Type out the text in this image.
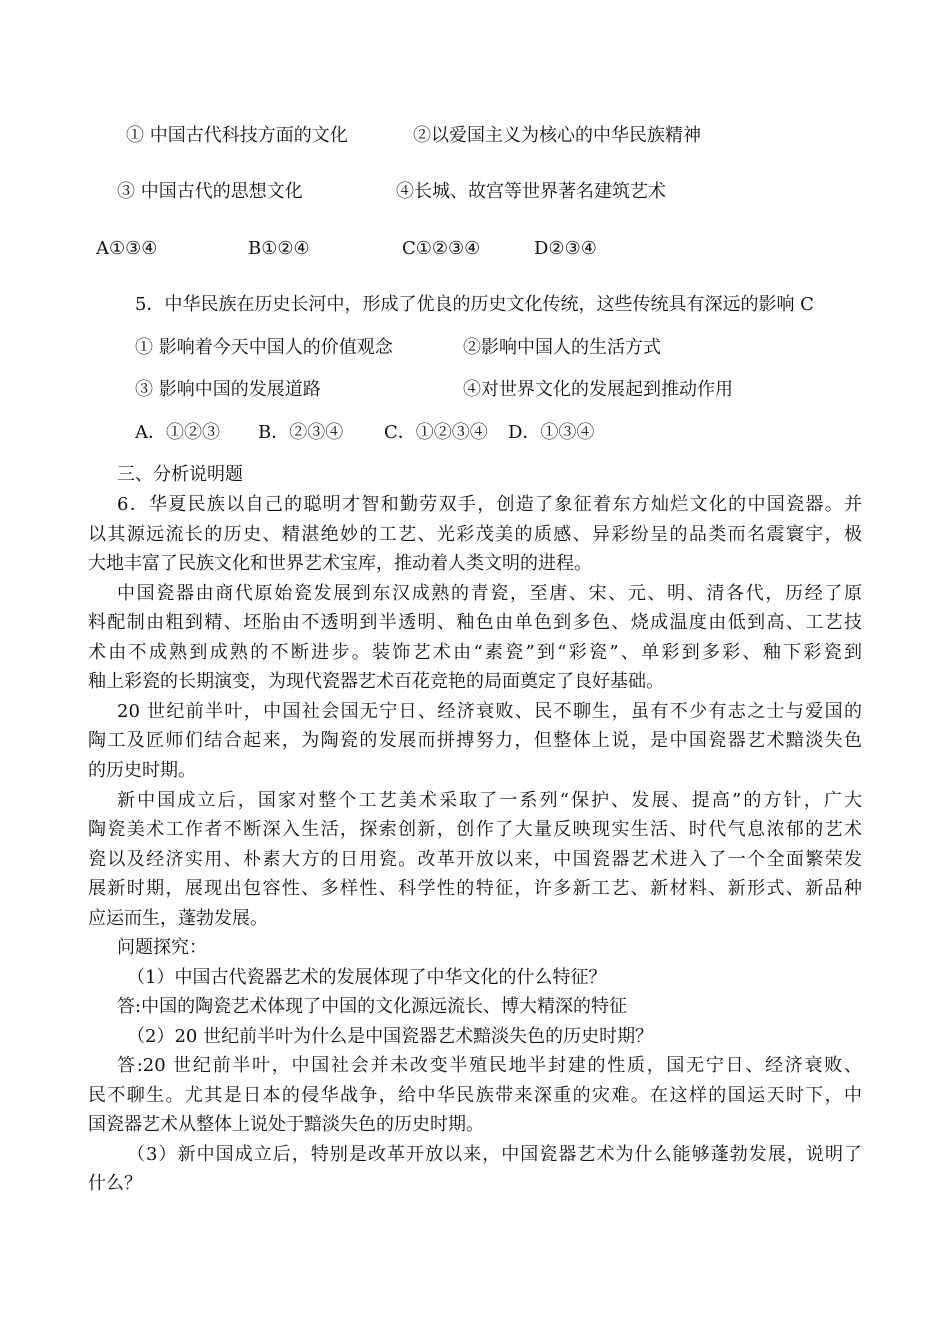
① 中国古代科技方面的文化	②以爱国主义为核心的中华民族精神
③ 中国古代的思想文化	④长城、故宫等世界著名建筑艺术
A①③④	B①②④	C①②③④	D②③④
5．中华民族在历史长河中，形成了优良的历史文化传统，这些传统具有深远的影响 C
① 影响着今天中国人的价值观念	②影响中国人的生活方式
③ 影响中国的发展道路	④对世界文化的发展起到推动作用
A．①②③ B．②③④ C．①②③④ D．①③④
三、分析说明题
6．华夏民族以自己的聪明才智和勤劳双手，创造了象征着东方灿烂文化的中国瓷器。并
以其源远流长的历史、精湛绝妙的工艺、光彩茂美的质感、异彩纷呈的品类而名震寰宇，极
大地丰富了民族文化和世界艺术宝库，推动着人类文明的进程。
中国瓷器由商代原始瓷发展到东汉成熟的青瓷，至唐、宋、元、明、清各代，历经了原
料配制由粗到精、坯胎由不透明到半透明、釉色由单色到多色、烧成温度由低到高、工艺技
术由不成熟到成熟的不断进步。装饰艺术由“素瓷”到“彩瓷”、单彩到多彩、釉下彩瓷到
釉上彩瓷的长期演变，为现代瓷器艺术百花竞艳的局面奠定了良好基础。
20 世纪前半叶，中国社会国无宁日、经济衰败、民不聊生，虽有不少有志之士与爱国的
陶工及匠师们结合起来，为陶瓷的发展而拼搏努力，但整体上说，是中国瓷器艺术黯淡失色
的历史时期。
新中国成立后，国家对整个工艺美术采取了一系列“保护、发展、提高”的方针，广大
陶瓷美术工作者不断深入生活，探索创新，创作了大量反映现实生活、时代气息浓郁的艺术
瓷以及经济实用、朴素大方的日用瓷。改革开放以来，中国瓷器艺术进入了一个全面繁荣发
展新时期，展现出包容性、多样性、科学性的特征，许多新工艺、新材料、新形式、新品种
应运而生，蓬勃发展。
问题探究：
（1）中国古代瓷器艺术的发展体现了中华文化的什么特征？
答:中国的陶瓷艺术体现了中国的文化源远流长、博大精深的特征
（2）20 世纪前半叶为什么是中国瓷器艺术黯淡失色的历史时期？
答:20 世纪前半叶，中国社会并未改变半殖民地半封建的性质，国无宁日、经济衰败、
民不聊生。尤其是日本的侵华战争，给中华民族带来深重的灾难。在这样的国运天时下，中
国瓷器艺术从整体上说处于黯淡失色的历史时期。
（3）新中国成立后，特别是改革开放以来，中国瓷器艺术为什么能够蓬勃发展，说明了
什么？
